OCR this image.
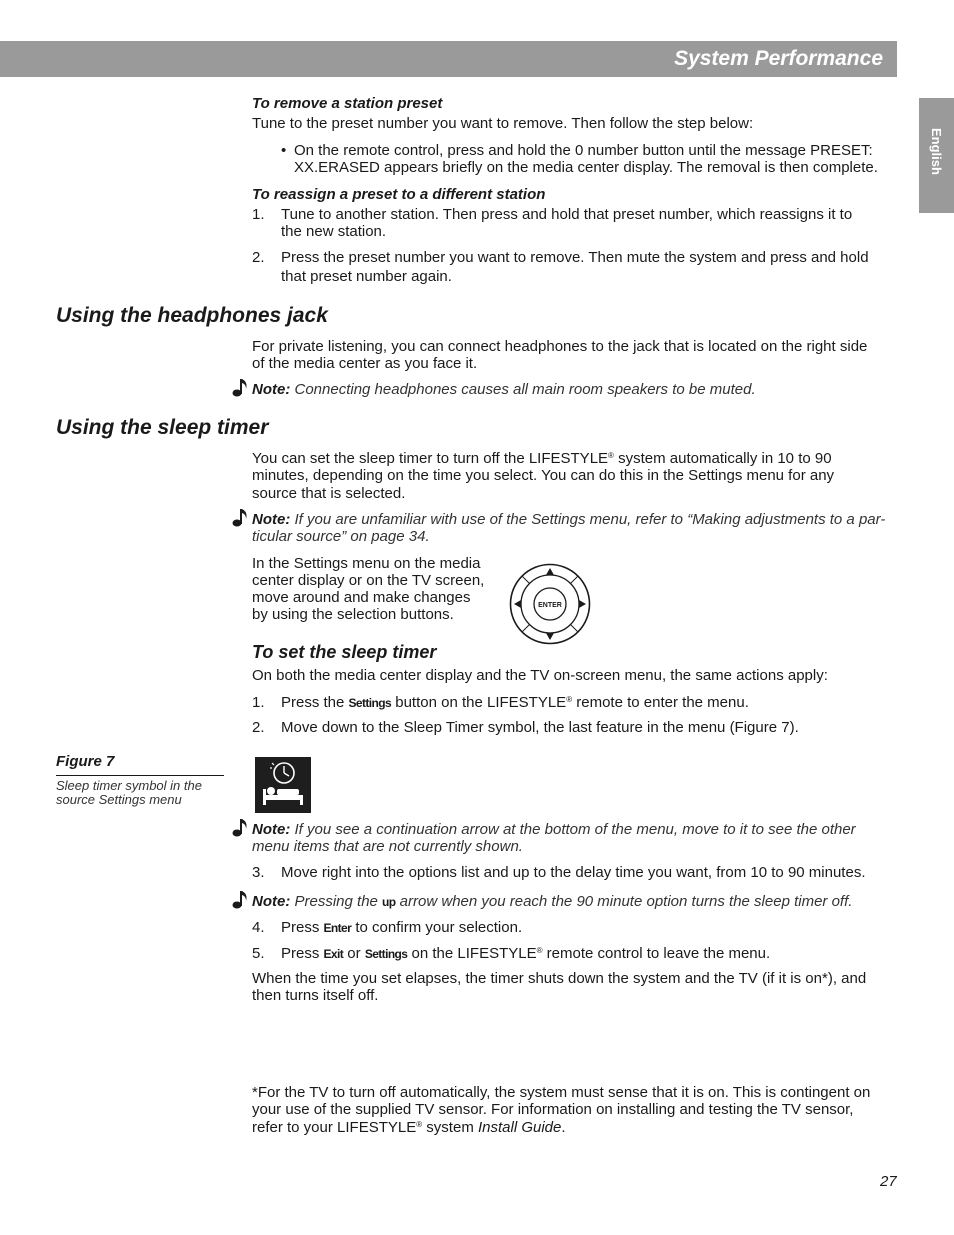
System Performance
English
To remove a station preset
Tune to the preset number you want to remove. Then follow the step below:
• On the remote control, press and hold the 0 number button until the message PRESET:
XX.ERASED appears briefly on the media center display. The removal is then complete.
To reassign a preset to a different station
1.	Tune to another station. Then press and hold that preset number, which reassigns it to
the new station.
2.	Press the preset number you want to remove. Then mute the system and press and hold
that preset number again.
Using the headphones jack
For private listening, you can connect headphones to the jack that is located on the right side
of the media center as you face it.
Note: Connecting headphones causes all main room speakers to be muted.
Using the sleep timer
You can set the sleep timer to turn off the LIFESTYLE® system automatically in 10 to 90
minutes, depending on the time you select. You can do this in the Settings menu for any
source that is selected.
Note: If you are unfamiliar with use of the Settings menu, refer to “Making adjustments to a par-
ticular source” on page 34.
In the Settings menu on the media
center display or on the TV screen,
move around and make changes
by using the selection buttons.
ENTER
To set the sleep timer
On both the media center display and the TV on-screen menu, the same actions apply:
1.	Press the Settings button on the LIFESTYLE® remote to enter the menu.
2.	Move down to the Sleep Timer symbol, the last feature in the menu (Figure 7).
Figure 7
Sleep timer symbol in the
source Settings menu
Note: If you see a continuation arrow at the bottom of the menu, move to it to see the other
menu items that are not currently shown.
3.	Move right into the options list and up to the delay time you want, from 10 to 90 minutes.
Note: Pressing the up arrow when you reach the 90 minute option turns the sleep timer off.
4.	Press Enter to confirm your selection.
5.	Press Exit or Settings on the LIFESTYLE® remote control to leave the menu.
When the time you set elapses, the timer shuts down the system and the TV (if it is on*), and
then turns itself off.
*For the TV to turn off automatically, the system must sense that it is on. This is contingent on
your use of the supplied TV sensor. For information on installing and testing the TV sensor,
refer to your LIFESTYLE® system Install Guide.
27
